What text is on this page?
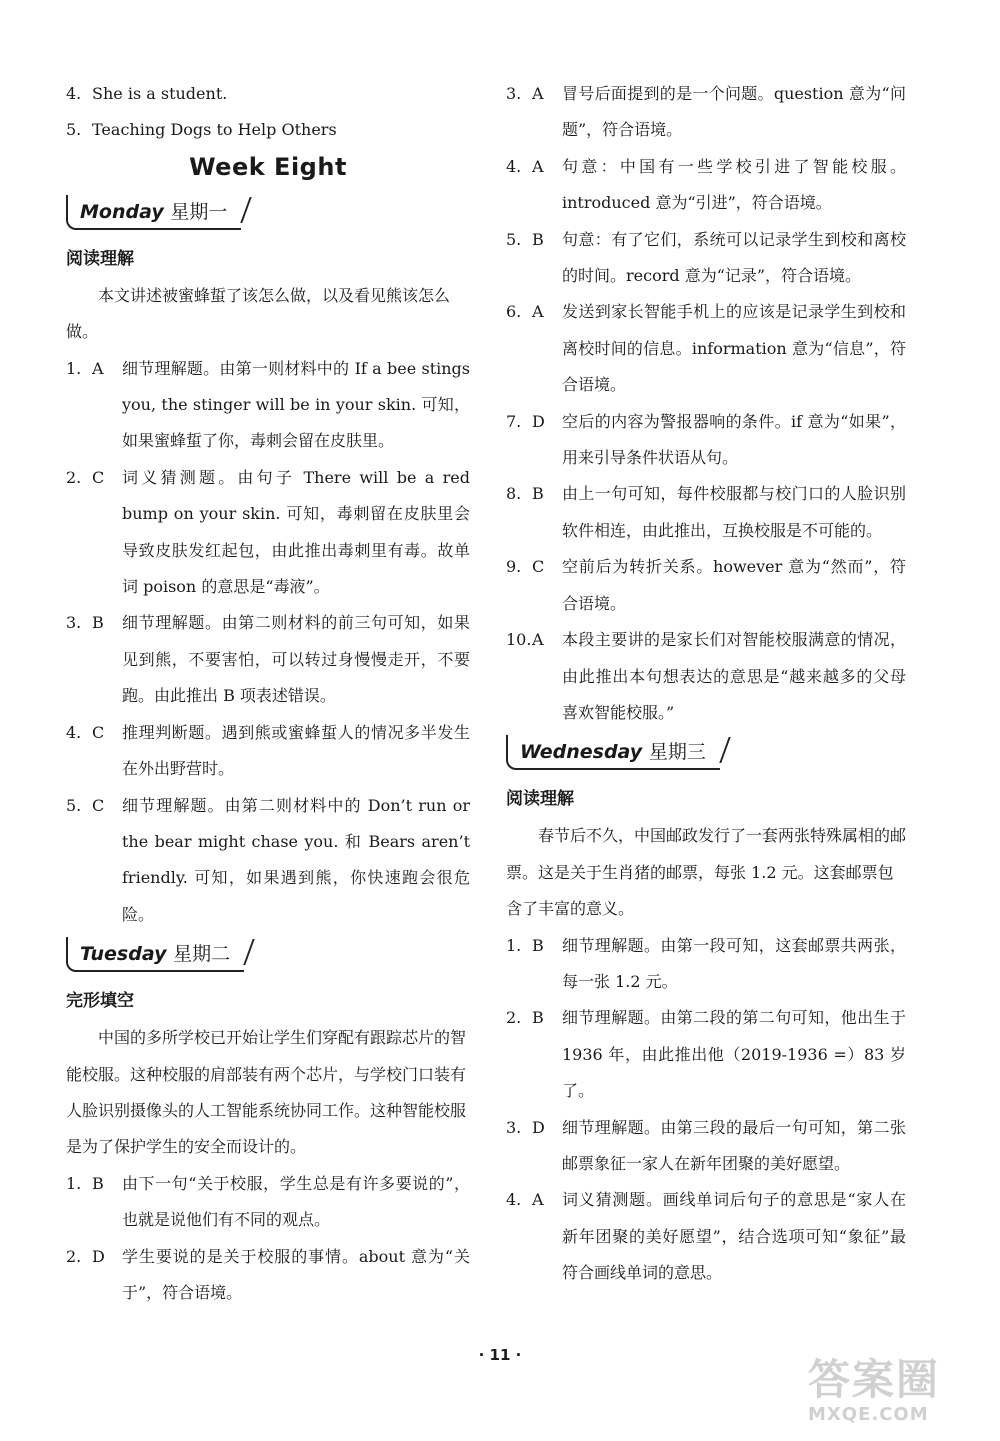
4. She is a student.
5. Teaching Dogs to Help Others
Week Eight
Monday 星期一
阅读理解

本文讲述被蜜蜂蜇了该怎么做，以及看见熊该怎么做。

1. A	细节理解题。由第一则材料中的 If a bee stings you, the stinger will be in your skin. 可知，如果蜜蜂蜇了你，毒刺会留在皮肤里。
2. C	词义猜测题。由句子 There will be a red bump on your skin. 可知，毒刺留在皮肤里会导致皮肤发红起包，由此推出毒刺里有毒。故单词 poison 的意思是“毒液”。
3. B	细节理解题。由第二则材料的前三句可知，如果见到熊，不要害怕，可以转过身慢慢走开，不要跑。由此推出 B 项表述错误。
4. C	推理判断题。遇到熊或蜜蜂蜇人的情况多半发生在外出野营时。
5. C	细节理解题。由第二则材料中的 Don’t run or the bear might chase you. 和 Bears aren’t friendly. 可知，如果遇到熊，你快速跑会很危险。
Tuesday 星期二
完形填空

中国的多所学校已开始让学生们穿配有跟踪芯片的智能校服。这种校服的肩部装有两个芯片，与学校门口装有人脸识别摄像头的人工智能系统协同工作。这种智能校服是为了保护学生的安全而设计的。

1. B	由下一句“关于校服，学生总是有许多要说的”，也就是说他们有不同的观点。
2. D	学生要说的是关于校服的事情。about 意为“关于”，符合语境。
3. A	冒号后面提到的是一个问题。question 意为“问题”，符合语境。
4. A	句意：中国有一些学校引进了智能校服。introduced 意为“引进”，符合语境。
5. B	句意：有了它们，系统可以记录学生到校和离校的时间。record 意为“记录”，符合语境。
6. A	发送到家长智能手机上的应该是记录学生到校和离校时间的信息。information 意为“信息”，符合语境。
7. D	空后的内容为警报器响的条件。if 意为“如果”，用来引导条件状语从句。
8. B	由上一句可知，每件校服都与校门口的人脸识别软件相连，由此推出，互换校服是不可能的。
9. C	空前后为转折关系。however 意为“然而”，符合语境。
10. A	本段主要讲的是家长们对智能校服满意的情况，由此推出本句想表达的意思是“越来越多的父母喜欢智能校服。”
Wednesday 星期三
阅读理解

春节后不久，中国邮政发行了一套两张特殊属相的邮票。这是关于生肖猪的邮票，每张 1.2 元。这套邮票包含了丰富的意义。

1. B	细节理解题。由第一段可知，这套邮票共两张，每一张 1.2 元。
2. B	细节理解题。由第二段的第二句可知，他出生于 1936 年，由此推出他（2019-1936 =）83 岁了。
3. D	细节理解题。由第三段的最后一句可知，第二张邮票象征一家人在新年团聚的美好愿望。
4. A	词义猜测题。画线单词后句子的意思是“家人在新年团聚的美好愿望”，结合选项可知“象征”最符合画线单词的意思。
· 11 ·	答案圈
MXQE.COM
